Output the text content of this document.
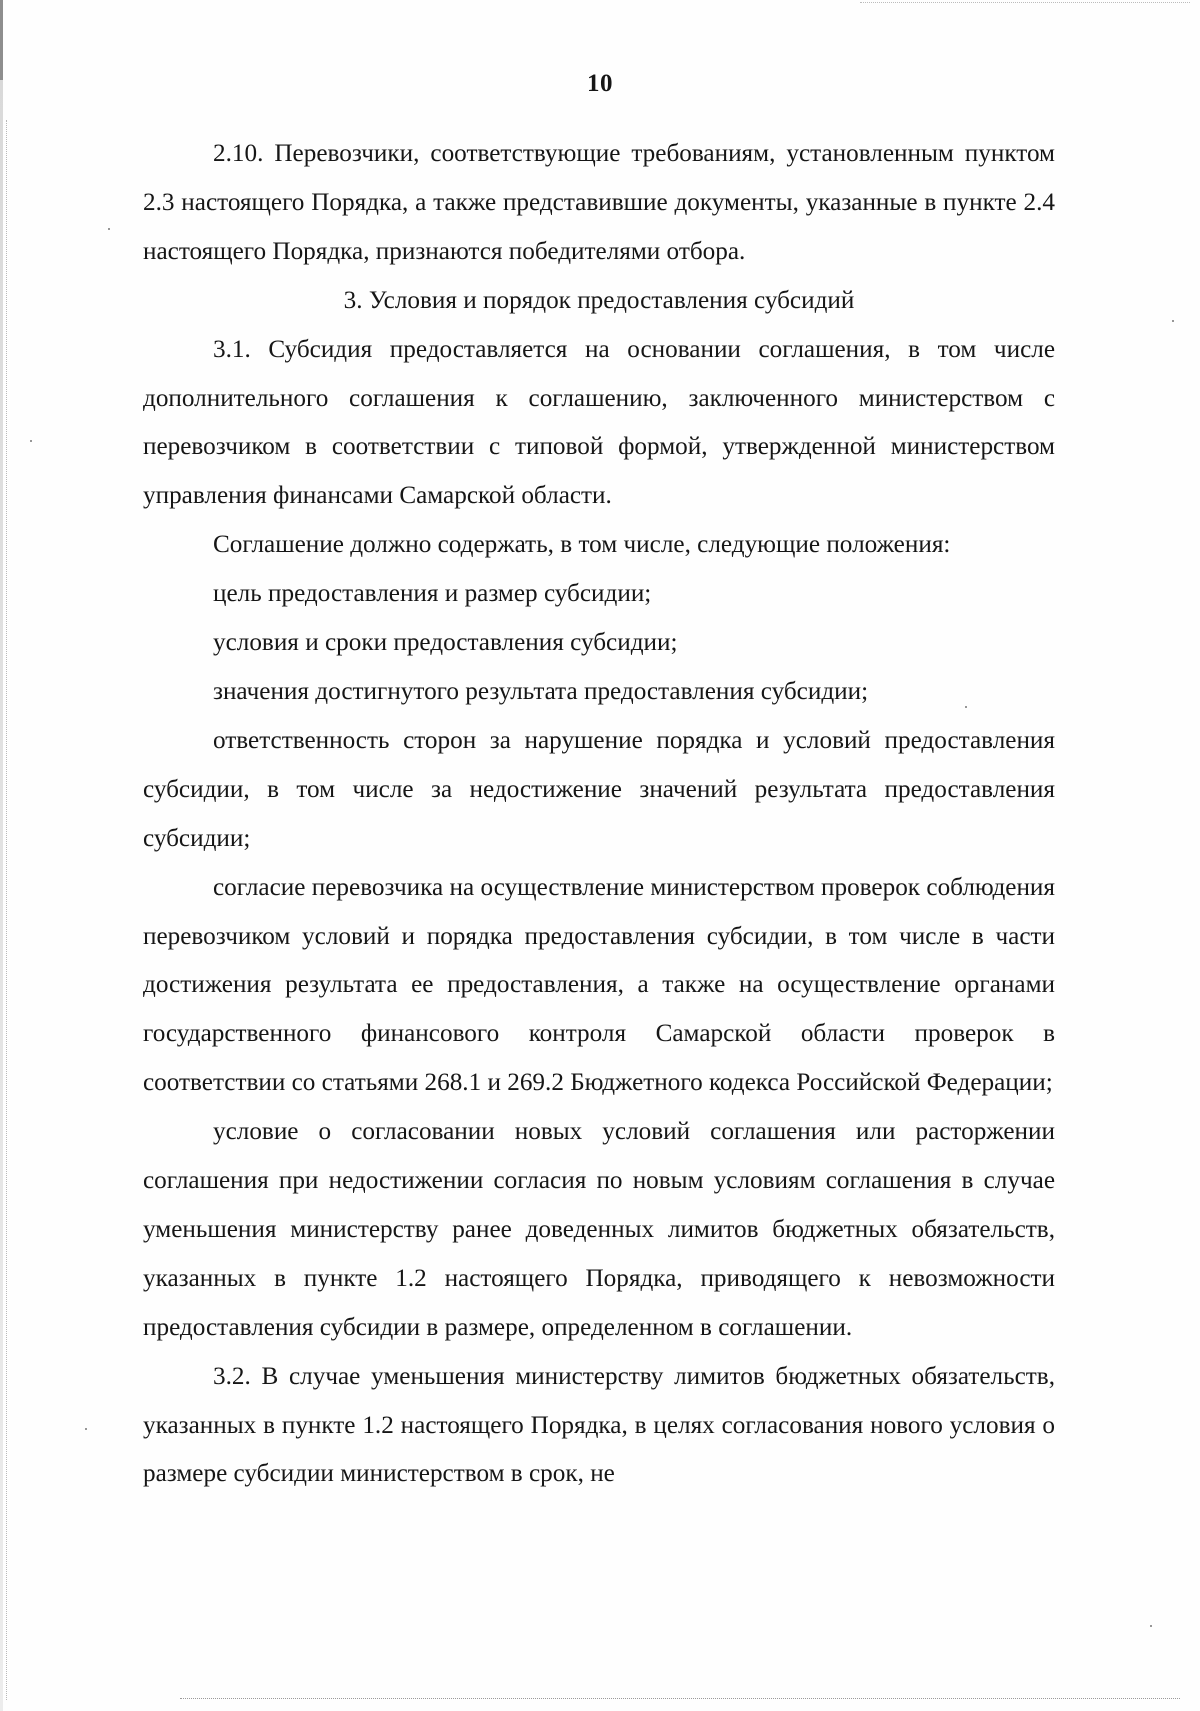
10

2.10. Перевозчики, соответствующие требованиям, установленным пунктом 2.3 настоящего Порядка, а также представившие документы, указанные в пункте 2.4 настоящего Порядка, признаются победителями отбора.

3. Условия и порядок предоставления субсидий

3.1. Субсидия предоставляется на основании соглашения, в том числе дополнительного соглашения к соглашению, заключенного министерством с перевозчиком в соответствии с типовой формой, утвержденной министерством управления финансами Самарской области.

Соглашение должно содержать, в том числе, следующие положения:

цель предоставления и размер субсидии;

условия и сроки предоставления субсидии;

значения достигнутого результата предоставления субсидии;

ответственность сторон за нарушение порядка и условий предоставления субсидии, в том числе за недостижение значений результата предоставления субсидии;

согласие перевозчика на осуществление министерством проверок соблюдения перевозчиком условий и порядка предоставления субсидии, в том числе в части достижения результата ее предоставления, а также на осуществление органами государственного финансового контроля Самарской области проверок в соответствии со статьями 268.1 и 269.2 Бюджетного кодекса Российской Федерации;

условие о согласовании новых условий соглашения или расторжении соглашения при недостижении согласия по новым условиям соглашения в случае уменьшения министерству ранее доведенных лимитов бюджетных обязательств, указанных в пункте 1.2 настоящего Порядка, приводящего к невозможности предоставления субсидии в размере, определенном в соглашении.

3.2. В случае уменьшения министерству лимитов бюджетных обязательств, указанных в пункте 1.2 настоящего Порядка, в целях согласования нового условия о размере субсидии министерством в срок, не
